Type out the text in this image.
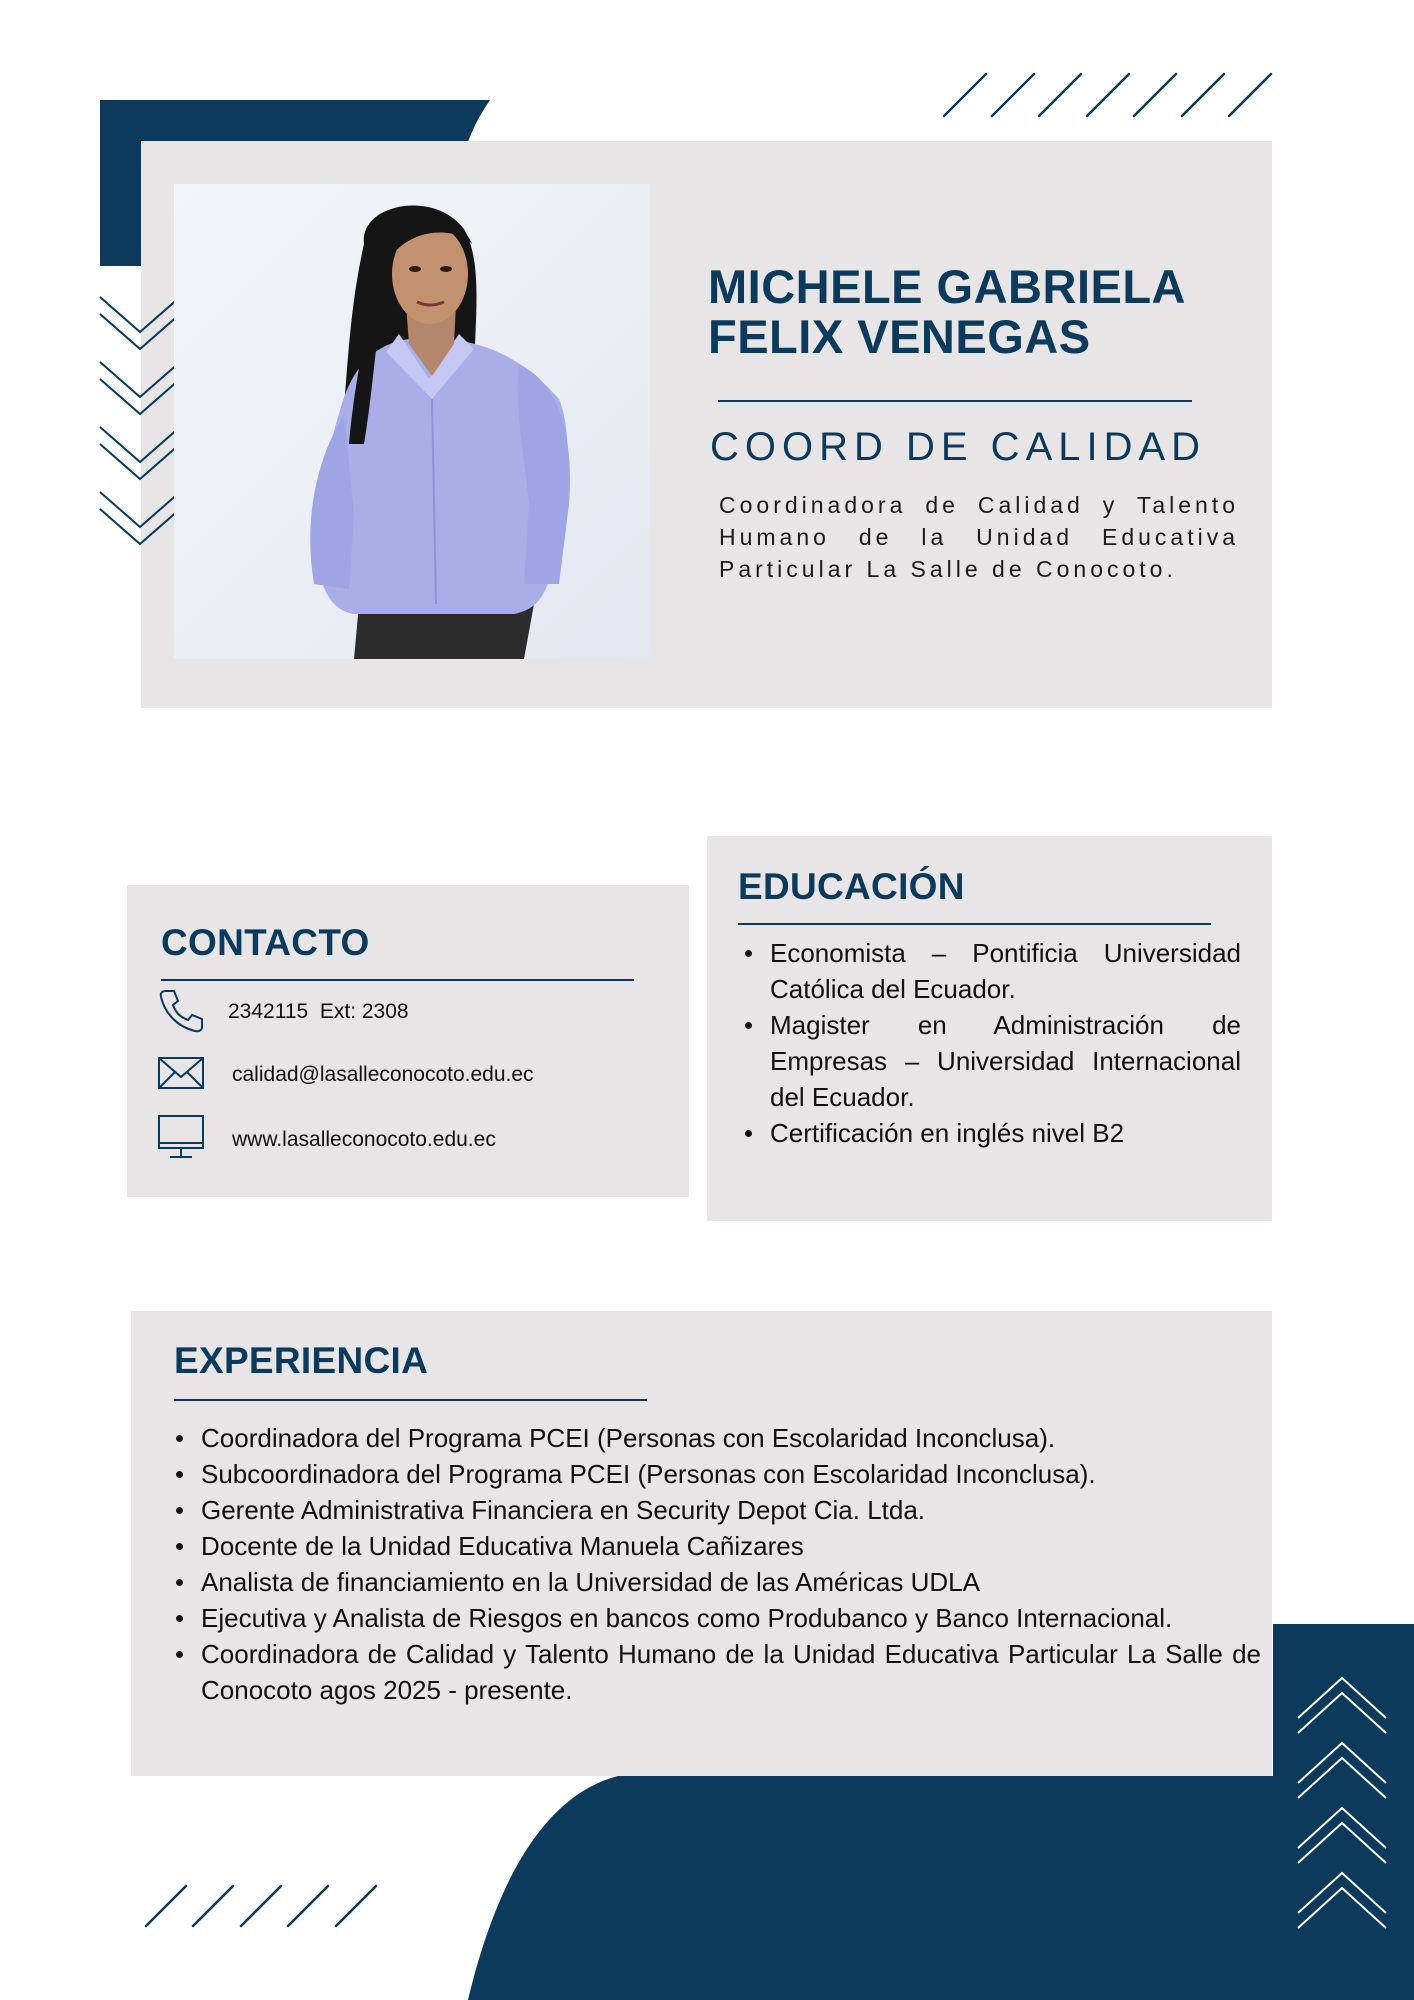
MICHELE GABRIELA
FELIX VENEGAS
COORD DE CALIDAD
Coordinadora de Calidad y Talento Humano de la Unidad Educativa Particular La Salle de Conocoto.
CONTACTO
2342115  Ext: 2308
calidad@lasalleconocoto.edu.ec
www.lasalleconocoto.edu.ec
EDUCACIÓN
Economista – Pontificia Universidad Católica del Ecuador.
Magister en Administración de Empresas – Universidad Internacional del Ecuador.
Certificación en inglés nivel B2
EXPERIENCIA
Coordinadora del Programa PCEI (Personas con Escolaridad Inconclusa).
Subcoordinadora del Programa PCEI (Personas con Escolaridad Inconclusa).
Gerente Administrativa Financiera en Security Depot Cia. Ltda.
Docente de la Unidad Educativa Manuela Cañizares
Analista de financiamiento en la Universidad de las Américas UDLA
Ejecutiva y Analista de Riesgos en bancos como Produbanco y Banco Internacional.
Coordinadora de Calidad y Talento Humano de la Unidad Educativa Particular La Salle de Conocoto agos 2025 - presente.
